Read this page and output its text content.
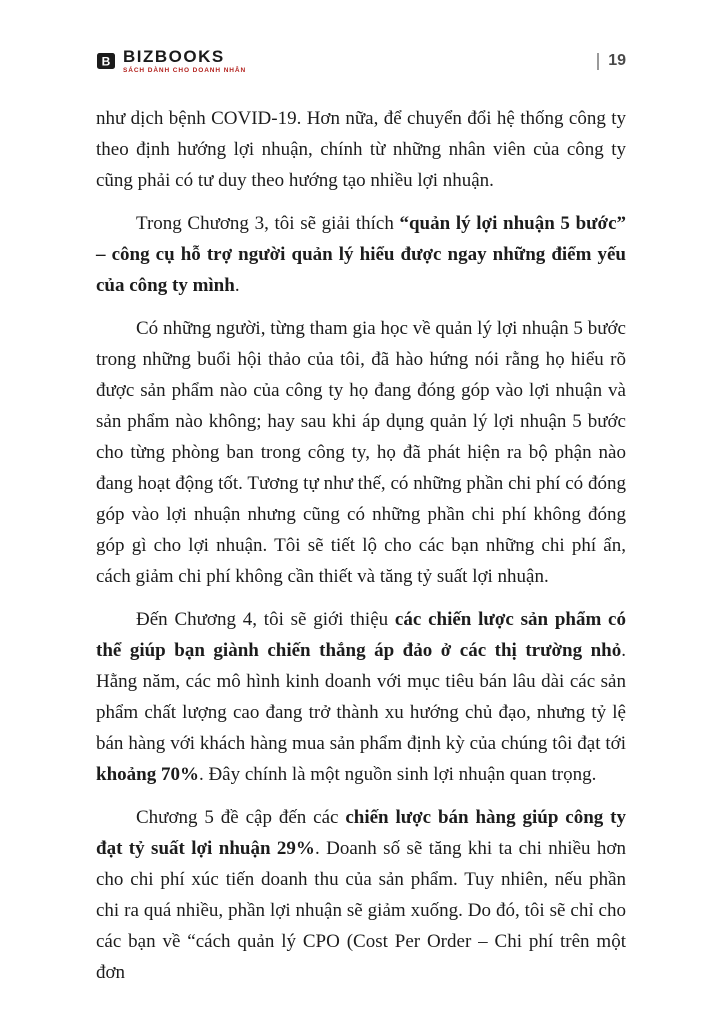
B BIZBOOKS
SÁCH DÀNH CHO DOANH NHÂN
19

như dịch bệnh COVID-19. Hơn nữa, để chuyển đổi hệ thống công ty theo định hướng lợi nhuận, chính từ những nhân viên của công ty cũng phải có tư duy theo hướng tạo nhiều lợi nhuận.

Trong Chương 3, tôi sẽ giải thích “quản lý lợi nhuận 5 bước” – công cụ hỗ trợ người quản lý hiểu được ngay những điểm yếu của công ty mình.

Có những người, từng tham gia học về quản lý lợi nhuận 5 bước trong những buổi hội thảo của tôi, đã hào hứng nói rằng họ hiểu rõ được sản phẩm nào của công ty họ đang đóng góp vào lợi nhuận và sản phẩm nào không; hay sau khi áp dụng quản lý lợi nhuận 5 bước cho từng phòng ban trong công ty, họ đã phát hiện ra bộ phận nào đang hoạt động tốt. Tương tự như thế, có những phần chi phí có đóng góp vào lợi nhuận nhưng cũng có những phần chi phí không đóng góp gì cho lợi nhuận. Tôi sẽ tiết lộ cho các bạn những chi phí ẩn, cách giảm chi phí không cần thiết và tăng tỷ suất lợi nhuận.

Đến Chương 4, tôi sẽ giới thiệu các chiến lược sản phẩm có thể giúp bạn giành chiến thắng áp đảo ở các thị trường nhỏ. Hằng năm, các mô hình kinh doanh với mục tiêu bán lâu dài các sản phẩm chất lượng cao đang trở thành xu hướng chủ đạo, nhưng tỷ lệ bán hàng với khách hàng mua sản phẩm định kỳ của chúng tôi đạt tới khoảng 70%. Đây chính là một nguồn sinh lợi nhuận quan trọng.

Chương 5 đề cập đến các chiến lược bán hàng giúp công ty đạt tỷ suất lợi nhuận 29%. Doanh số sẽ tăng khi ta chi nhiều hơn cho chi phí xúc tiến doanh thu của sản phẩm. Tuy nhiên, nếu phần chi ra quá nhiều, phần lợi nhuận sẽ giảm xuống. Do đó, tôi sẽ chỉ cho các bạn về “cách quản lý CPO (Cost Per Order – Chi phí trên một đơn
